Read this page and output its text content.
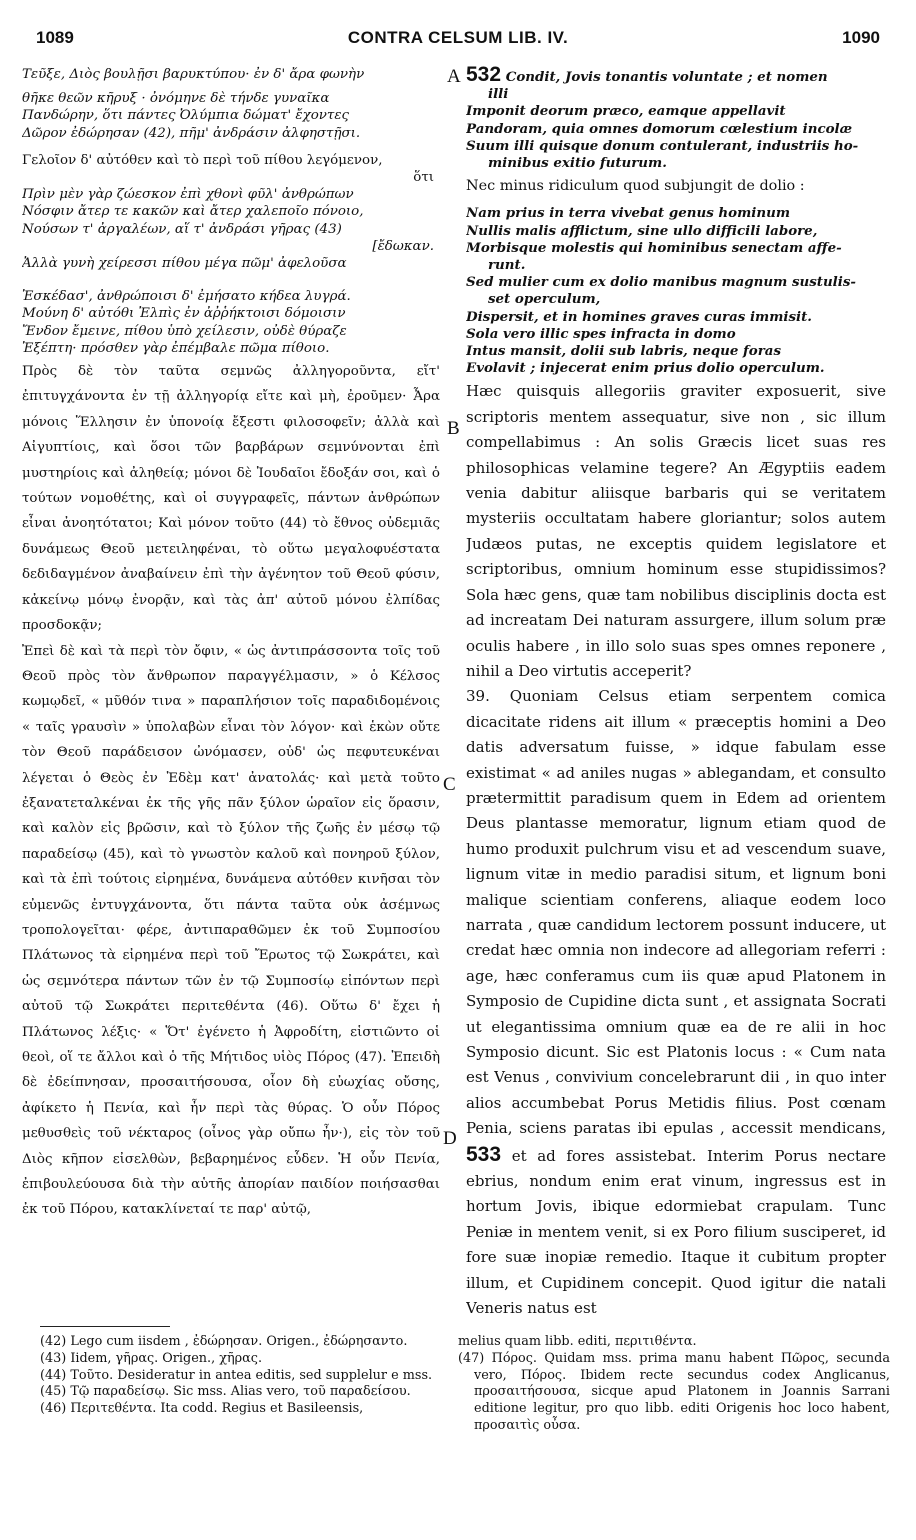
1089	CONTRA CELSUM LIB. IV.	1090
Τεῦξε, Διὸς βουλῇσι βαρυκτύπου· ἐν δ' ἄρα φωνὴν
θῆκε θεῶν κῆρυξ · ὀνόμηνε δὲ τήνδε γυναῖκα
Πανδώρην, ὅτι πάντες Ὀλύμπια δώματ' ἔχοντες
Δῶρον ἐδώρησαν (42), πῆμ' ἀνδράσιν ἀλφηστῇσι.
Γελοῖον δ' αὐτόθεν καὶ τὸ περὶ τοῦ πίθου λεγόμενον,
ὅτι
Πρὶν μὲν γὰρ ζώεσκον ἐπὶ χθονὶ φῦλ' ἀνθρώπων
Νόσφιν ἄτερ τε κακῶν καὶ ἄτερ χαλεποῖο πόνοιο,
Νούσων τ' ἀργαλέων, αἵ τ' ἀνδράσι γῆρας (43)
[ἔδωκαν.
Ἀλλὰ γυνὴ χείρεσσι πίθου μέγα πῶμ' ἀφελοῦσα
Ἐσκέδασ', ἀνθρώποισι δ' ἐμήσατο κήδεα λυγρά.
Μούνη δ' αὐτόθι Ἐλπὶς ἐν ἀῤῥήκτοισι δόμοισιν
Ἔνδον ἔμεινε, πίθου ὑπὸ χείλεσιν, οὐδὲ θύραζε
Ἐξέπτη· πρόσθεν γὰρ ἐπέμβαλε πῶμα πίθοιο.

Πρὸς δὲ τὸν ταῦτα σεμνῶς ἀλληγοροῦντα, εἴτ' ἐπιτυγχάνοντα ἐν τῇ ἀλληγορίᾳ εἴτε καὶ μὴ, ἐροῦμεν· Ἆρα μόνοις Ἕλλησιν ἐν ὑπονοίᾳ ἔξεστι φιλοσοφεῖν; ἀλλὰ καὶ Αἰγυπτίοις, καὶ ὅσοι τῶν βαρβάρων σεμνύνονται ἐπὶ μυστηρίοις καὶ ἀληθείᾳ; μόνοι δὲ Ἰουδαῖοι ἔδοξάν σοι, καὶ ὁ τούτων νομοθέτης, καὶ οἱ συγγραφεῖς, πάντων ἀνθρώπων εἶναι ἀνοητότατοι; Καὶ μόνον τοῦτο (44) τὸ ἔθνος οὐδεμιᾶς δυνάμεως Θεοῦ μετειληφέναι, τὸ οὕτω μεγαλοφυέστατα δεδιδαγμένον ἀναβαίνειν ἐπὶ τὴν ἀγένητον τοῦ Θεοῦ φύσιν, κἀκείνῳ μόνῳ ἐνορᾷν, καὶ τὰς ἀπ' αὐτοῦ μόνου ἐλπίδας προσδοκᾷν;

Ἐπεὶ δὲ καὶ τὰ περὶ τὸν ὄφιν, « ὡς ἀντιπράσσοντα τοῖς τοῦ Θεοῦ πρὸς τὸν ἄνθρωπον παραγγέλμασιν, » ὁ Κέλσος κωμῳδεῖ, « μῦθόν τινα » παραπλήσιον τοῖς παραδιδομένοις « ταῖς γραυσὶν » ὑπολαβὼν εἶναι τὸν λόγον· καὶ ἑκὼν οὔτε τὸν Θεοῦ παράδεισον ὠνόμασεν, οὐδ' ὡς πεφυτευκέναι λέγεται ὁ Θεὸς ἐν Ἐδὲμ κατ' ἀνατολάς· καὶ μετὰ τοῦτο ἐξανατεταλκέναι ἐκ τῆς γῆς πᾶν ξύλον ὡραῖον εἰς ὅρασιν, καὶ καλὸν εἰς βρῶσιν, καὶ τὸ ξύλον τῆς ζωῆς ἐν μέσῳ τῷ παραδείσῳ (45), καὶ τὸ γνωστὸν καλοῦ καὶ πονηροῦ ξύλον, καὶ τὰ ἐπὶ τούτοις εἰρημένα, δυνάμενα αὐτόθεν κινῆσαι τὸν εὐμενῶς ἐντυγχάνοντα, ὅτι πάντα ταῦτα οὐκ ἀσέμνως τροπολογεῖται· φέρε, ἀντιπαραθῶμεν ἐκ τοῦ Συμποσίου Πλάτωνος τὰ εἰρημένα περὶ τοῦ Ἔρωτος τῷ Σωκράτει, καὶ ὡς σεμνότερα πάντων τῶν ἐν τῷ Συμποσίῳ εἰπόντων περὶ αὐτοῦ τῷ Σωκράτει περιτεθέντα (46). Οὕτω δ' ἔχει ἡ Πλάτωνος λέξις· « Ὅτ' ἐγένετο ἡ Ἀφροδίτη, εἱστιῶντο οἱ θεοὶ, οἵ τε ἄλλοι καὶ ὁ τῆς Μήτιδος υἱὸς Πόρος (47). Ἐπειδὴ δὲ ἐδείπνησαν, προσαιτήσουσα, οἷον δὴ εὐωχίας οὔσης, ἀφίκετο ἡ Πενία, καὶ ἦν περὶ τὰς θύρας. Ὁ οὖν Πόρος μεθυσθεὶς τοῦ νέκταρος (οἶνος γὰρ οὔπω ἦν·), εἰς τὸν τοῦ Διὸς κῆπον εἰσελθὼν, βεβαρημένος εὗδεν. Ἡ οὖν Πενία, ἐπιβουλεύουσα διὰ τὴν αὑτῆς ἀπορίαν παιδίον ποιήσασθαι ἐκ τοῦ Πόρου, κατακλίνεταί τε παρ' αὐτῷ,

A
B
C
D
532 Condit, Jovis tonantis voluntate ; et nomen
illi
Imponit deorum præco, eamque appellavit
Pandoram, quia omnes domorum cœlestium incolæ
Suum illi quisque donum contulerant, industriis ho-
minibus exitio futurum.
Nec minus ridiculum quod subjungit de dolio :
Nam prius in terra vivebat genus hominum
Nullis malis afflictum, sine ullo difficili labore,
Morbisque molestis qui hominibus senectam affe-
runt.
Sed mulier cum ex dolio manibus magnum sustulis-
set operculum,
Dispersit, et in homines graves curas immisit.
Sola vero illic spes infracta in domo
Intus mansit, dolii sub labris, neque foras
Evolavit ; injecerat enim prius dolio operculum.

Hæc quisquis allegoriis graviter exposuerit, sive scriptoris mentem assequatur, sive non , sic illum compellabimus : An solis Græcis licet suas res philosophicas velamine tegere? An Ægyptiis eadem venia dabitur aliisque barbaris qui se veritatem mysteriis occultatam habere gloriantur; solos autem Judæos putas, ne exceptis quidem legislatore et scriptoribus, omnium hominum esse stupidissimos? Sola hæc gens, quæ tam nobilibus disciplinis docta est ad increatam Dei naturam assurgere, illum solum præ oculis habere , in illo solo suas spes omnes reponere , nihil a Deo virtutis acceperit?

39. Quoniam Celsus etiam serpentem comica dicacitate ridens ait illum « præceptis homini a Deo datis adversatum fuisse, » idque fabulam esse existimat « ad aniles nugas » ablegandam, et consulto prætermittit paradisum quem in Edem ad orientem Deus plantasse memoratur, lignum etiam quod de humo produxit pulchrum visu et ad vescendum suave, lignum vitæ in medio paradisi situm, et lignum boni malique scientiam conferens, aliaque eodem loco narrata , quæ candidum lectorem possunt inducere, ut credat hæc omnia non indecore ad allegoriam referri : age, hæc conferamus cum iis quæ apud Platonem in Symposio de Cupidine dicta sunt , et assignata Socrati ut elegantissima omnium quæ ea de re alii in hoc Symposio dicunt. Sic est Platonis locus : « Cum nata est Venus , convivium concelebrarunt dii , in quo inter alios accumbebat Porus Metidis filius. Post cœnam Penia, sciens paratas ibi epulas , accessit mendicans, 533 et ad fores assistebat. Interim Porus nectare ebrius, nondum enim erat vinum, ingressus est in hortum Jovis, ibique edormiebat crapulam. Tunc Peniæ in mentem venit, si ex Poro filium susciperet, id fore suæ inopiæ remedio. Itaque it cubitum propter illum, et Cupidinem concepit. Quod igitur die natali Veneris natus est

(42) Lego cum iisdem , ἐδώρησαν. Origen., ἐδώρησαντο.

(43) Iidem, γῆρας. Origen., χῆρας.

(44) Τοῦτο. Desideratur in antea editis, sed supplelur e mss.

(45) Τῷ παραδείσῳ. Sic mss. Alias vero, τοῦ παραδείσου.

(46) Περιτεθέντα. Ita codd. Regius et Basileensis,

melius quam libb. editi, περιτιθέντα.

(47) Πόρος. Quidam mss. prima manu habent Πῶρος, secunda vero, Πόρος. Ibidem recte secundus codex Anglicanus, προσαιτήσουσα, sicque apud Platonem in Joannis Sarrani editione legitur, pro quo libb. editi Origenis hoc loco habent, προσαιτὶς οὖσα.
